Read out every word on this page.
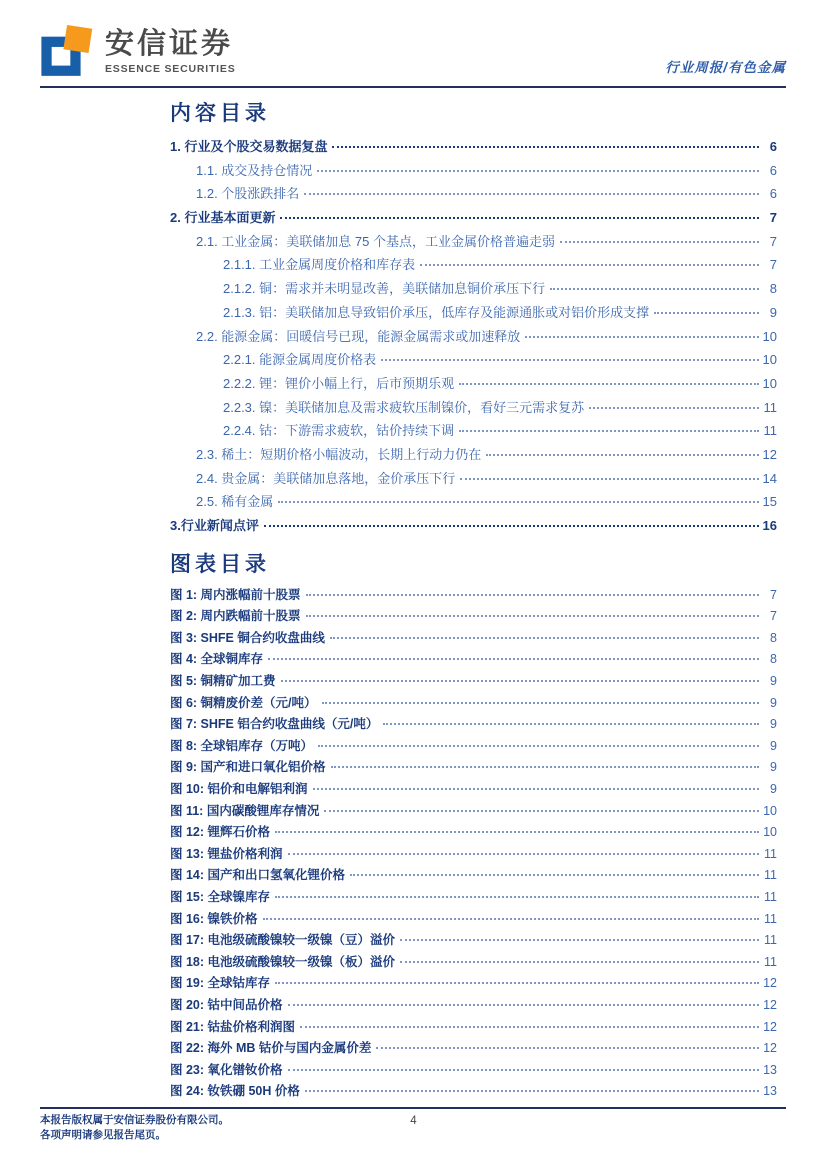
安信证券
ESSENCE SECURITIES	行业周报/有色金属
内容目录
1. 行业及个股交易数据复盘	6
1.1. 成交及持仓情况	6
1.2. 个股涨跌排名	6
2. 行业基本面更新	7
2.1. 工业金属：美联储加息 75 个基点，工业金属价格普遍走弱	7
2.1.1. 工业金属周度价格和库存表	7
2.1.2. 铜：需求并未明显改善，美联储加息铜价承压下行	8
2.1.3. 铝：美联储加息导致铝价承压，低库存及能源通胀或对铝价形成支撑	9
2.2. 能源金属：回暖信号已现，能源金属需求或加速释放	10
2.2.1. 能源金属周度价格表	10
2.2.2. 锂：锂价小幅上行，后市预期乐观	10
2.2.3. 镍：美联储加息及需求疲软压制镍价，看好三元需求复苏	11
2.2.4. 钴：下游需求疲软，钴价持续下调	11
2.3. 稀土：短期价格小幅波动，长期上行动力仍在	12
2.4. 贵金属：美联储加息落地，金价承压下行	14
2.5. 稀有金属	15
3.行业新闻点评	16
图表目录
图 1: 周内涨幅前十股票	7
图 2: 周内跌幅前十股票	7
图 3: SHFE 铜合约收盘曲线	8
图 4: 全球铜库存	8
图 5: 铜精矿加工费	9
图 6: 铜精废价差（元/吨）	9
图 7: SHFE 铝合约收盘曲线（元/吨）	9
图 8: 全球铝库存（万吨）	9
图 9: 国产和进口氧化铝价格	9
图 10: 铝价和电解铝利润	9
图 11: 国内碳酸锂库存情况	10
图 12: 锂辉石价格	10
图 13: 锂盐价格利润	11
图 14: 国产和出口氢氧化锂价格	11
图 15: 全球镍库存	11
图 16: 镍铁价格	11
图 17: 电池级硫酸镍较一级镍（豆）溢价	11
图 18: 电池级硫酸镍较一级镍（板）溢价	11
图 19: 全球钴库存	12
图 20: 钴中间品价格	12
图 21: 钴盐价格利润图	12
图 22: 海外 MB 钴价与国内金属价差	12
图 23: 氧化镨钕价格	13
图 24: 钕铁硼 50H 价格	13
本报告版权属于安信证券股份有限公司。
各项声明请参见报告尾页。
4
